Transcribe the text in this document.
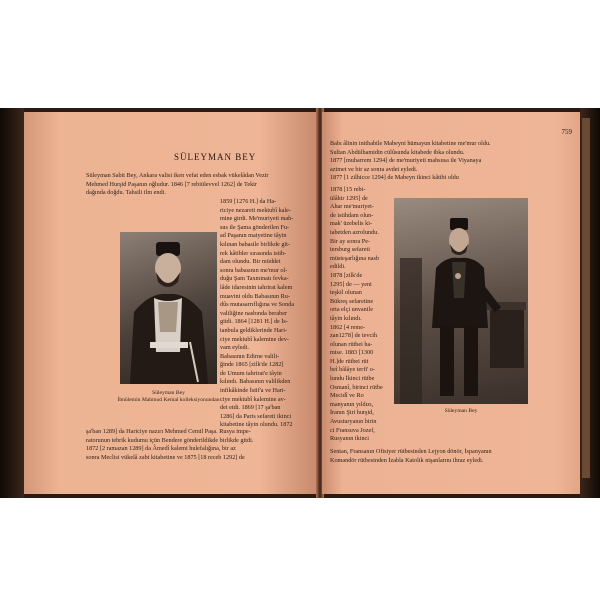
SÜLEYMAN BEY
Süleyman Sabit Bey, Ankara valisi iken vefat eden esbak vükelâdan Vezir
Mehmed Hurşid Paşanın oğludur. 1846 [7 rebiülevvel 1262] de Tekir
dağında doğdu. Tahsili ilm endi.
Süleyman Bey
İbnülemin Mahmud Kemal kolleksiyonundan
1859 [1276 H.] da Ha-
riciye nezareti mektubî kale-
mine girdi. Me'muriyeti mah-
sus ile Şama gönderilen Fu-
ad Paşanın maiyetine tâyin
kılınan babasile birlikde git-
rek kâtibler sırasında istih-
dam olundu. Bir müddet
sonra babasının me'mur ol-
duğu Şam Taxminatı fevka-
lâde idaresinin tahrirat kalem
muavini oldu Babasının Ru-
dûs mutasarrıflığına ve Sonda
valiliğine nasbında beraber
gitdi. 1864 [1281 H.] de İs-
tanbula geldiklerinde Hari-
ciye mektubî kalemine dev-
vam eyledi.
Babasının Edirne valili-
ğinde 1865 [zilk'de 1282]
de Umum tahrirat'e tâyin
kılındı. Babasının valilikden
infikâkinde İstif'a ve Hari-
ciye mektubî kalemine av-
det etdi. 1869 [17 şa'ban
1286] da Paris sefareti ikinci
kitabetine tâyin olundu. 1872
şa'ban 1289] da Hariciye nazırı Mehmed Cemil Paşa. Rusya impe-
ratorunun tebrik kudumu içün Bendere gönderildikde birlikde gitdi.
1872 [2 ramazan 1289] da Âmedî kalemi hulefalığına, bir az
sonra Meclisi vükelâ zabt kitabetine ve 1875 [18 receb 1292] de
759
Babı âlinin inithabile Mabeyni hümayun kitabetine me'mur oldu.
Sultan Abdülhamidin cülûsunda kitabede ibka olundu.
1877 [muharrem 1294] de me'muriyeti mahsusa ile Viyanaya
azimet ve bir az sonra avdet eyledi.
1877 [1 zilhicce 1294] de Mabeyn ikinci kâtibi oldu
1878 [15 rebi-
ülâhir 1295] de
Ahar me'muriyet-
de istihdam olun-
mak' üzebelis ki-
tabetden azrolundu.
Bir ay sonra Pe-
tersburg sefareti
müsteşarlığına nasb
edildi.
1878 [zilk'de
1295] de — yeni
teşkil olunan
Bükreş sefaretine
orta elçi unvanile
tâyin kılındı.
1862 [4 reme-
zan1278] de tevcih
olunan rütbei ha-
mise. 1883 [1300
H.]de rütbei rüt
beî bâlâye terfi' o-
lundu İkinci rütbe
Osmanî, birinci rütbe
Mecidî ve Ro
manyanın yıldızı,
İranın Şiri hurşid,
Avusturyanın birin
ci Fransuva Jozef,
Rusyanın ikinci
Süleyman Bey
Sentan, Fransanın Ofisiyer rütbesinden Lejyon dönör, İspanyanın
Komandör rütbesinden İzabla Katolik nişanlarını ihraz eyledi.
